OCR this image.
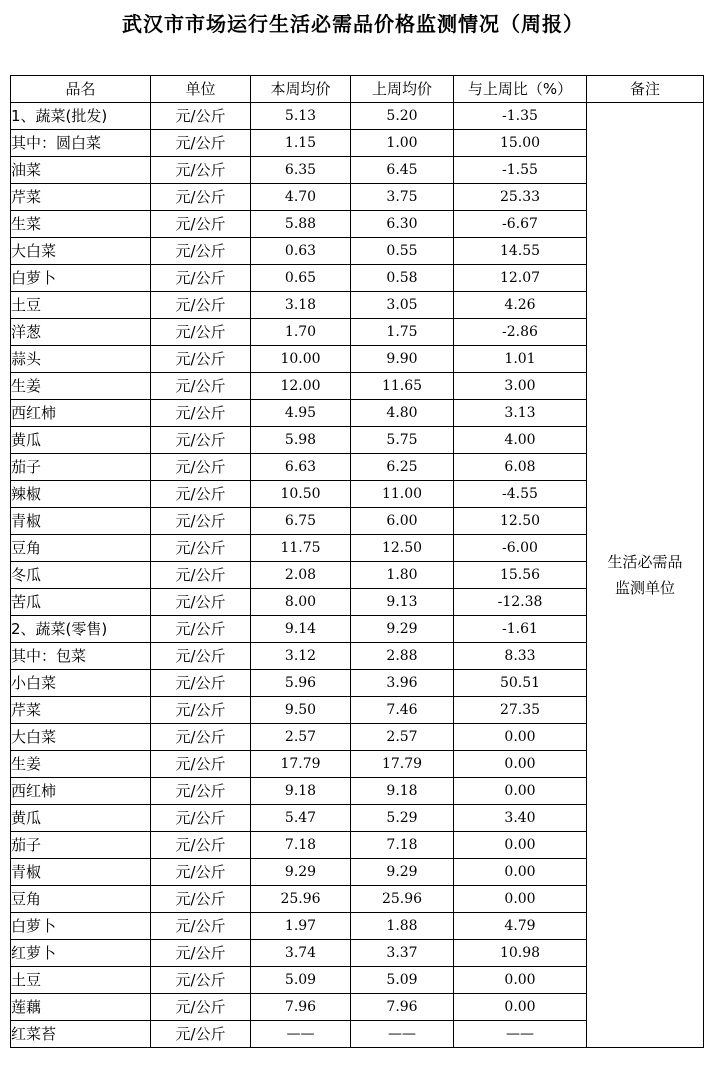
武汉市市场运行生活必需品价格监测情况（周报）
品名	单位	本周均价	上周均价	与上周比（%）	备注
1、蔬菜(批发)	元/公斤	5.13	5.20	-1.35	生活必需品
监测单位
其中：圆白菜	元/公斤	1.15	1.00	15.00	
油菜	元/公斤	6.35	6.45	-1.55	
芹菜	元/公斤	4.70	3.75	25.33	
生菜	元/公斤	5.88	6.30	-6.67	
大白菜	元/公斤	0.63	0.55	14.55	
白萝卜	元/公斤	0.65	0.58	12.07	
土豆	元/公斤	3.18	3.05	4.26	
洋葱	元/公斤	1.70	1.75	-2.86	
蒜头	元/公斤	10.00	9.90	1.01	
生姜	元/公斤	12.00	11.65	3.00	
西红柿	元/公斤	4.95	4.80	3.13	
黄瓜	元/公斤	5.98	5.75	4.00	
茄子	元/公斤	6.63	6.25	6.08	
辣椒	元/公斤	10.50	11.00	-4.55	
青椒	元/公斤	6.75	6.00	12.50	
豆角	元/公斤	11.75	12.50	-6.00	
冬瓜	元/公斤	2.08	1.80	15.56	
苦瓜	元/公斤	8.00	9.13	-12.38	
2、蔬菜(零售)	元/公斤	9.14	9.29	-1.61	
其中：包菜	元/公斤	3.12	2.88	8.33	
小白菜	元/公斤	5.96	3.96	50.51	
芹菜	元/公斤	9.50	7.46	27.35	
大白菜	元/公斤	2.57	2.57	0.00	
生姜	元/公斤	17.79	17.79	0.00	
西红柿	元/公斤	9.18	9.18	0.00	
黄瓜	元/公斤	5.47	5.29	3.40	
茄子	元/公斤	7.18	7.18	0.00	
青椒	元/公斤	9.29	9.29	0.00	
豆角	元/公斤	25.96	25.96	0.00	
白萝卜	元/公斤	1.97	1.88	4.79	
红萝卜	元/公斤	3.74	3.37	10.98	
土豆	元/公斤	5.09	5.09	0.00	
莲藕	元/公斤	7.96	7.96	0.00	
红菜苔	元/公斤	——	——	——	
